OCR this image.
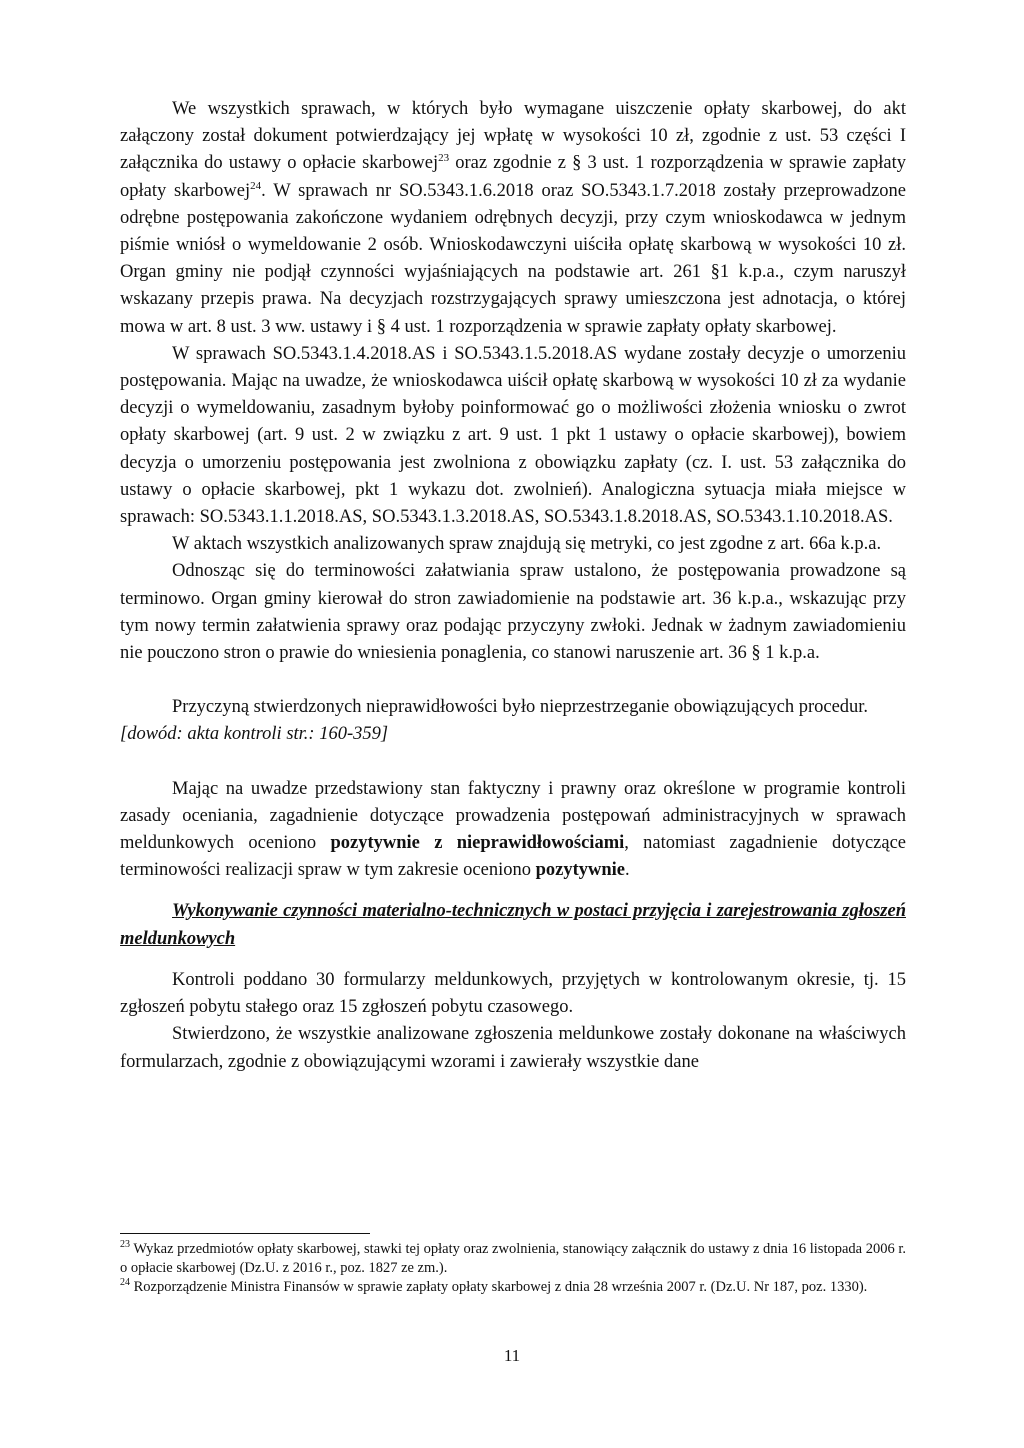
We wszystkich sprawach, w których było wymagane uiszczenie opłaty skarbowej, do akt załączony został dokument potwierdzający jej wpłatę w wysokości 10 zł, zgodnie z ust. 53 części I załącznika do ustawy o opłacie skarbowej$^{23}$ oraz zgodnie z § 3 ust. 1 rozporządzenia w sprawie zapłaty opłaty skarbowej$^{24}$. W sprawach nr SO.5343.1.6.2018 oraz SO.5343.1.7.2018 zostały przeprowadzone odrębne postępowania zakończone wydaniem odrębnych decyzji, przy czym wnioskodawca w jednym piśmie wniósł o wymeldowanie 2 osób. Wnioskodawczyni uiściła opłatę skarbową w wysokości 10 zł. Organ gminy nie podjął czynności wyjaśniających na podstawie art. 261 §1 k.p.a., czym naruszył wskazany przepis prawa. Na decyzjach rozstrzygających sprawy umieszczona jest adnotacja, o której mowa w art. 8 ust. 3 ww. ustawy i § 4 ust. 1 rozporządzenia w sprawie zapłaty opłaty skarbowej.

W sprawach SO.5343.1.4.2018.AS i SO.5343.1.5.2018.AS wydane zostały decyzje o umorzeniu postępowania. Mając na uwadze, że wnioskodawca uiścił opłatę skarbową w wysokości 10 zł za wydanie decyzji o wymeldowaniu, zasadnym byłoby poinformować go o możliwości złożenia wniosku o zwrot opłaty skarbowej (art. 9 ust. 2 w związku z art. 9 ust. 1 pkt 1 ustawy o opłacie skarbowej), bowiem decyzja o umorzeniu postępowania jest zwolniona z obowiązku zapłaty (cz. I. ust. 53 załącznika do ustawy o opłacie skarbowej, pkt 1 wykazu dot. zwolnień). Analogiczna sytuacja miała miejsce w sprawach: SO.5343.1.1.2018.AS, SO.5343.1.3.2018.AS, SO.5343.1.8.2018.AS, SO.5343.1.10.2018.AS.

W aktach wszystkich analizowanych spraw znajdują się metryki, co jest zgodne z art. 66a k.p.a.

Odnosząc się do terminowości załatwiania spraw ustalono, że postępowania prowadzone są terminowo. Organ gminy kierował do stron zawiadomienie na podstawie art. 36 k.p.a., wskazując przy tym nowy termin załatwienia sprawy oraz podając przyczyny zwłoki. Jednak w żadnym zawiadomieniu nie pouczono stron o prawie do wniesienia ponaglenia, co stanowi naruszenie art. 36 § 1 k.p.a.

Przyczyną stwierdzonych nieprawidłowości było nieprzestrzeganie obowiązujących procedur.

[dowód: akta kontroli str.: 160-359]

Mając na uwadze przedstawiony stan faktyczny i prawny oraz określone w programie kontroli zasady oceniania, zagadnienie dotyczące prowadzenia postępowań administracyjnych w sprawach meldunkowych oceniono pozytywnie z nieprawidłowościami, natomiast zagadnienie dotyczące terminowości realizacji spraw w tym zakresie oceniono pozytywnie.

Wykonywanie czynności materialno-technicznych w postaci przyjęcia i zarejestrowania zgłoszeń meldunkowych

Kontroli poddano 30 formularzy meldunkowych, przyjętych w kontrolowanym okresie, tj. 15 zgłoszeń pobytu stałego oraz 15 zgłoszeń pobytu czasowego.

Stwierdzono, że wszystkie analizowane zgłoszenia meldunkowe zostały dokonane na właściwych formularzach, zgodnie z obowiązującymi wzorami i zawierały wszystkie dane

$^{23}$ Wykaz przedmiotów opłaty skarbowej, stawki tej opłaty oraz zwolnienia, stanowiący załącznik do ustawy z dnia 16 listopada 2006 r. o opłacie skarbowej (Dz.U. z 2016 r., poz. 1827 ze zm.).

$^{24}$ Rozporządzenie Ministra Finansów w sprawie zapłaty opłaty skarbowej z dnia 28 września 2007 r. (Dz.U. Nr 187, poz. 1330).

11
